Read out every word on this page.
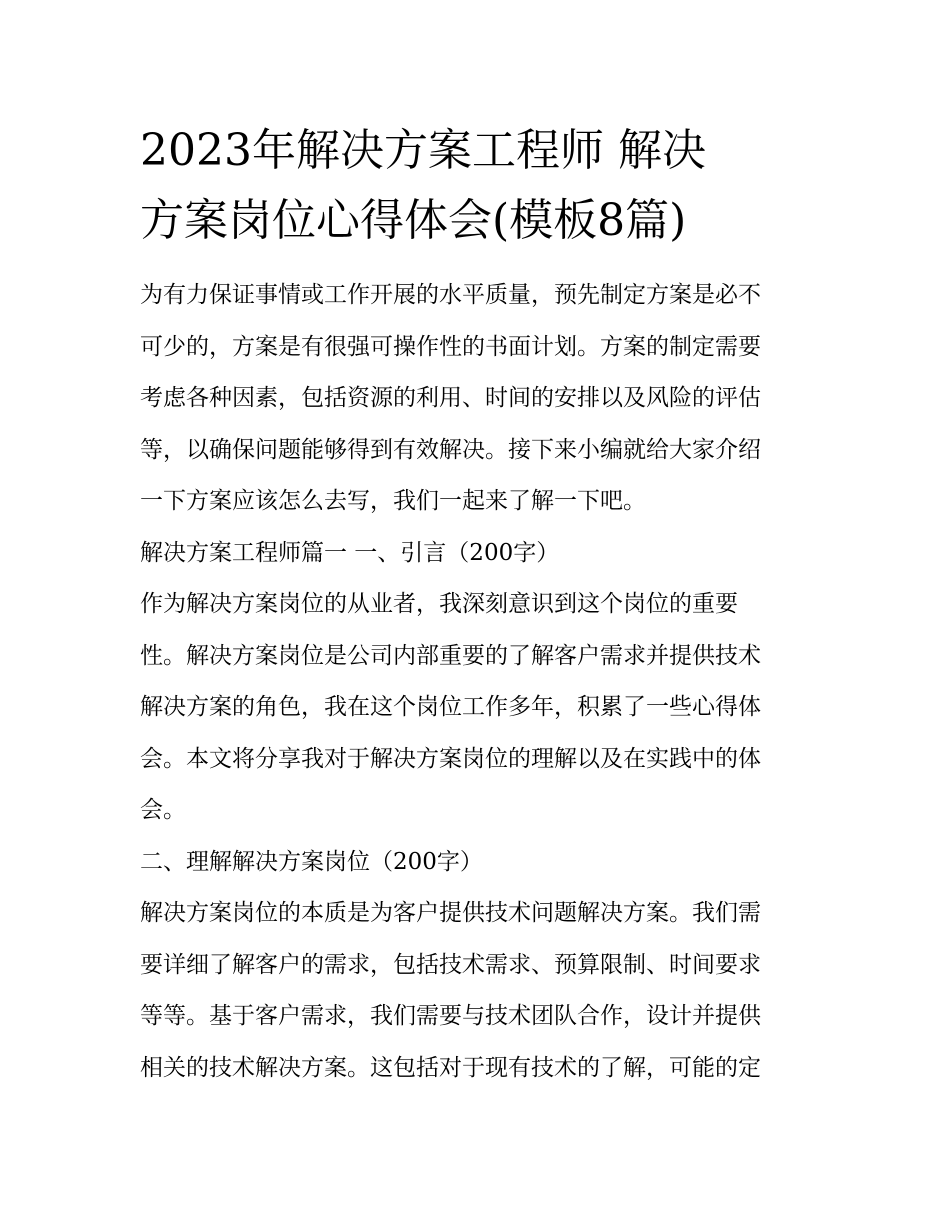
2023年解决方案工程师 解决
方案岗位心得体会(模板8篇)

为有力保证事情或工作开展的水平质量，预先制定方案是必不
可少的，方案是有很强可操作性的书面计划。方案的制定需要
考虑各种因素，包括资源的利用、时间的安排以及风险的评估
等，以确保问题能够得到有效解决。接下来小编就给大家介绍
一下方案应该怎么去写，我们一起来了解一下吧。

解决方案工程师篇一 一、引言（200字）

作为解决方案岗位的从业者，我深刻意识到这个岗位的重要
性。解决方案岗位是公司内部重要的了解客户需求并提供技术
解决方案的角色，我在这个岗位工作多年，积累了一些心得体
会。本文将分享我对于解决方案岗位的理解以及在实践中的体
会。

二、理解解决方案岗位（200字）

解决方案岗位的本质是为客户提供技术问题解决方案。我们需
要详细了解客户的需求，包括技术需求、预算限制、时间要求
等等。基于客户需求，我们需要与技术团队合作，设计并提供
相关的技术解决方案。这包括对于现有技术的了解，可能的定
